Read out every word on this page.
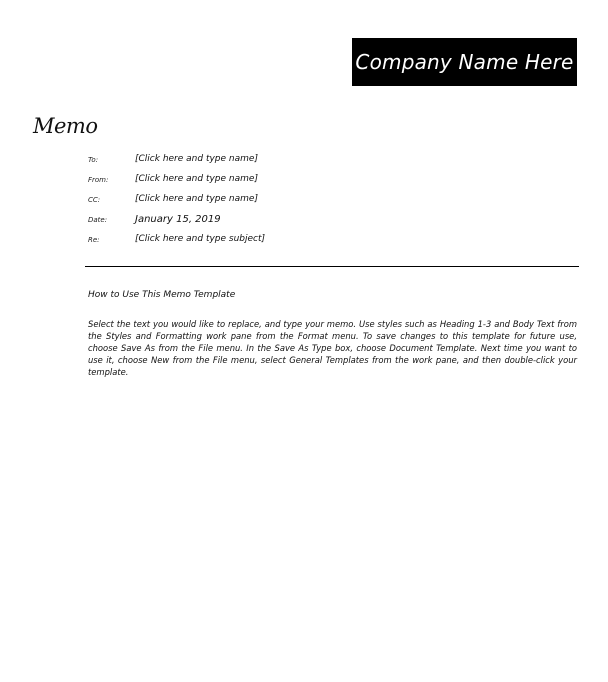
Company Name Here
Memo
To:	[Click here and type name]
From:	[Click here and type name]
CC:	[Click here and type name]
Date:	January 15, 2019
Re:	[Click here and type subject]
How to Use This Memo Template
Select the text you would like to replace, and type your memo. Use styles such as Heading 1-3 and Body Text from the Styles and Formatting work pane from the Format menu. To save changes to this template for future use, choose Save As from the File menu. In the Save As Type box, choose Document Template. Next time you want to use it, choose New from the File menu, select General Templates from the work pane, and then double-click your template.
